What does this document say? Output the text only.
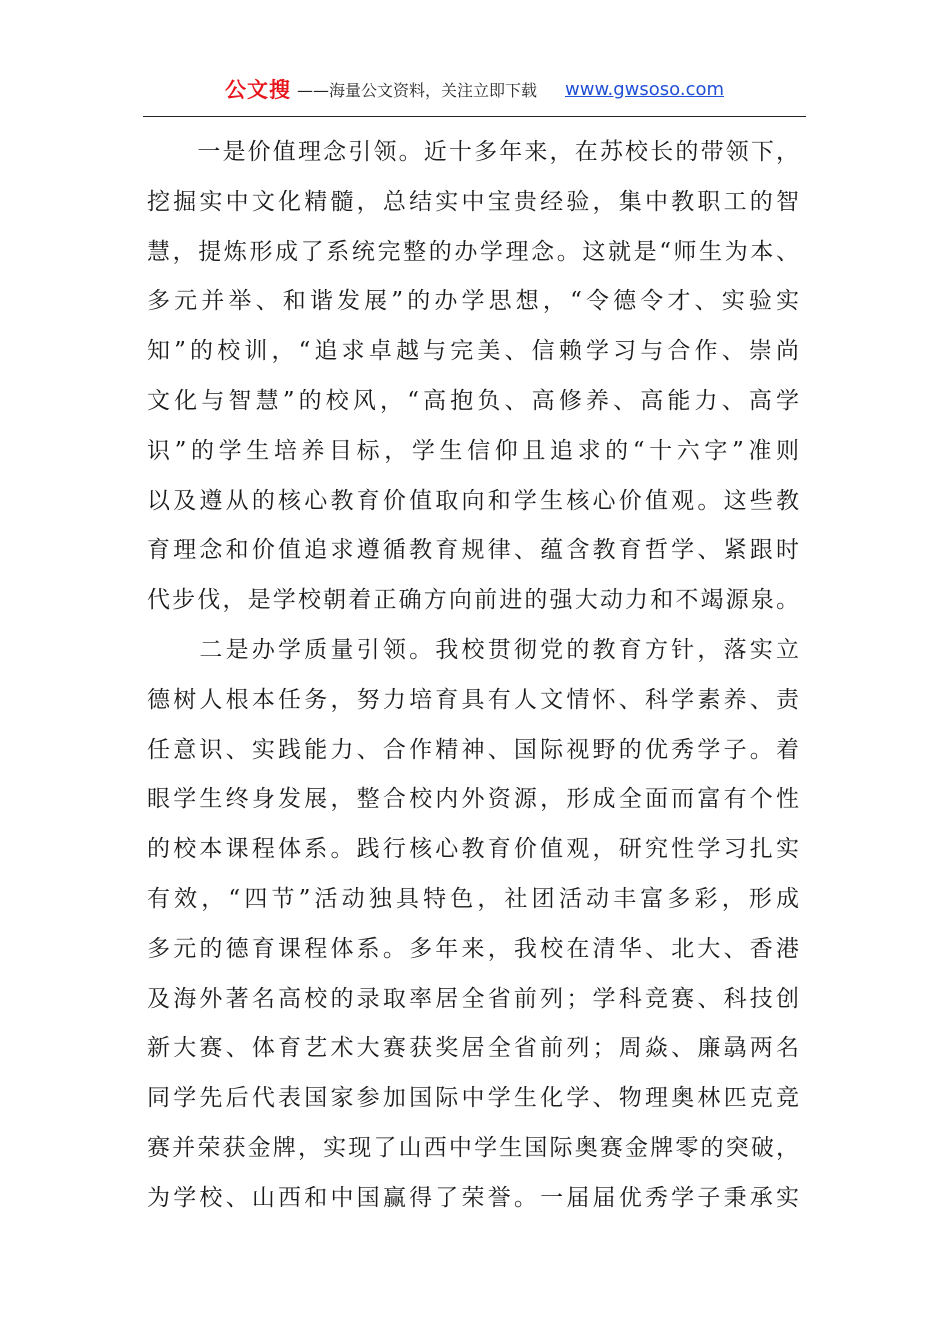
公文搜 ——海量公文资料，关注立即下载 www.gwsoso.com
　　一是价值理念引领。近十多年来，在苏校长的带领下，
挖掘实中文化精髓，总结实中宝贵经验，集中教职工的智
慧，提炼形成了系统完整的办学理念。这就是“师生为本、
多元并举、和谐发展”的办学思想，“令德令才、实验实
知”的校训，“追求卓越与完美、信赖学习与合作、崇尚
文化与智慧”的校风，“高抱负、高修养、高能力、高学
识”的学生培养目标，学生信仰且追求的“十六字”准则
以及遵从的核心教育价值取向和学生核心价值观。这些教
育理念和价值追求遵循教育规律、蕴含教育哲学、紧跟时
代步伐，是学校朝着正确方向前进的强大动力和不竭源泉。
　　二是办学质量引领。我校贯彻党的教育方针，落实立
德树人根本任务，努力培育具有人文情怀、科学素养、责
任意识、实践能力、合作精神、国际视野的优秀学子。着
眼学生终身发展，整合校内外资源，形成全面而富有个性
的校本课程体系。践行核心教育价值观，研究性学习扎实
有效，“四节”活动独具特色，社团活动丰富多彩，形成
多元的德育课程体系。多年来，我校在清华、北大、香港
及海外著名高校的录取率居全省前列；学科竞赛、科技创
新大赛、体育艺术大赛获奖居全省前列；周焱、廉骉两名
同学先后代表国家参加国际中学生化学、物理奥林匹克竞
赛并荣获金牌，实现了山西中学生国际奥赛金牌零的突破，
为学校、山西和中国赢得了荣誉。一届届优秀学子秉承实
